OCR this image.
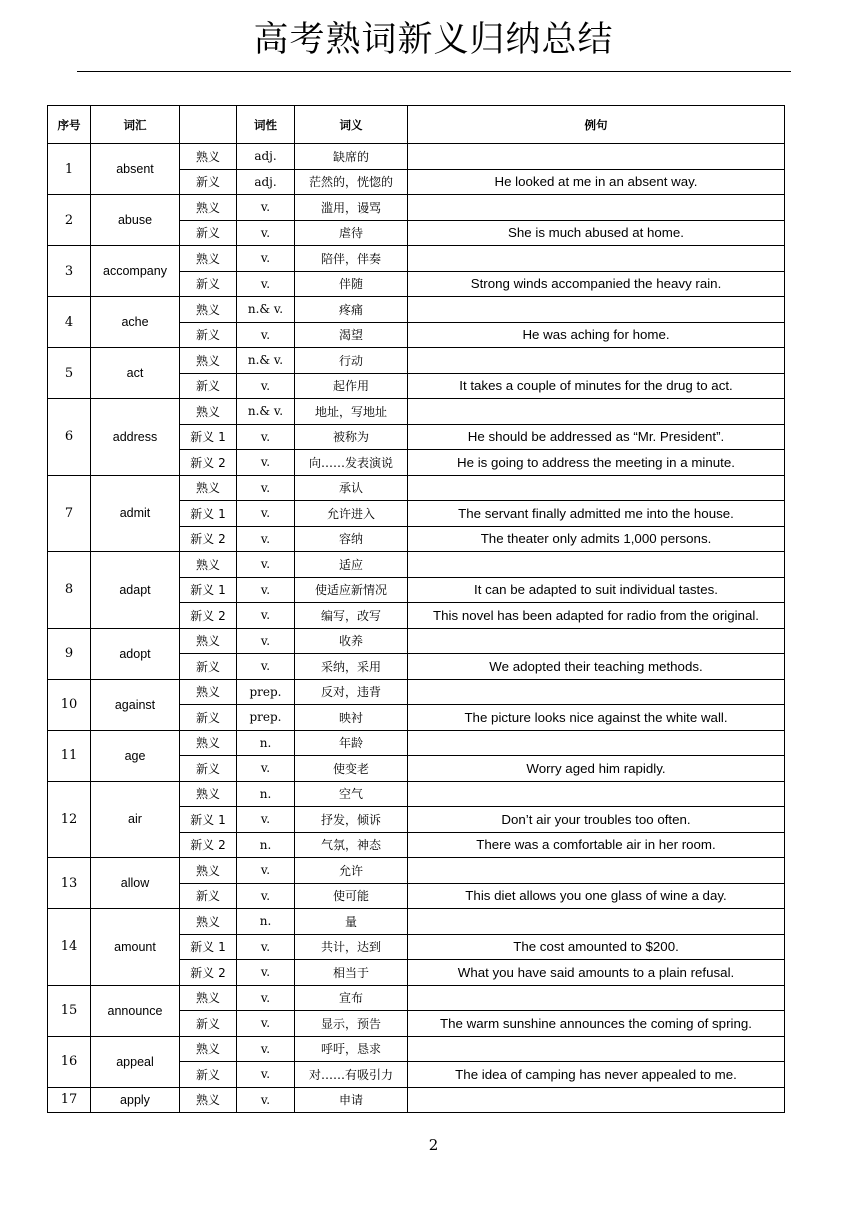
高考熟词新义归纳总结
序号	词汇		词性	词义	例句
1	absent	熟义	adj.	缺席的	
		新义	adj.	茫然的，恍惚的	He looked at me in an absent way.
2	abuse	熟义	v.	滥用，谩骂	
		新义	v.	虐待	She is much abused at home.
3	accompany	熟义	v.	陪伴，伴奏	
		新义	v.	伴随	Strong winds accompanied the heavy rain.
4	ache	熟义	n.& v.	疼痛	
		新义	v.	渴望	He was aching for home.
5	act	熟义	n.& v.	行动	
		新义	v.	起作用	It takes a couple of minutes for the drug to act.
6	address	熟义	n.& v.	地址，写地址	
		新义 1	v.	被称为	He should be addressed as “Mr. President”.
		新义 2	v.	向……发表演说	He is going to address the meeting in a minute.
7	admit	熟义	v.	承认	
		新义 1	v.	允许进入	The servant finally admitted me into the house.
		新义 2	v.	容纳	The theater only admits 1,000 persons.
8	adapt	熟义	v.	适应	
		新义 1	v.	使适应新情况	It can be adapted to suit individual tastes.
		新义 2	v.	编写，改写	This novel has been adapted for radio from the original.
9	adopt	熟义	v.	收养	
		新义	v.	采纳，采用	We adopted their teaching methods.
10	against	熟义	prep.	反对，违背	
		新义	prep.	映衬	The picture looks nice against the white wall.
11	age	熟义	n.	年龄	
		新义	v.	使变老	Worry aged him rapidly.
12	air	熟义	n.	空气	
		新义 1	v.	抒发，倾诉	Don’t air your troubles too often.
		新义 2	n.	气氛，神态	There was a comfortable air in her room.
13	allow	熟义	v.	允许	
		新义	v.	使可能	This diet allows you one glass of wine a day.
14	amount	熟义	n.	量	
		新义 1	v.	共计，达到	The cost amounted to $200.
		新义 2	v.	相当于	What you have said amounts to a plain refusal.
15	announce	熟义	v.	宣布	
		新义	v.	显示，预告	The warm sunshine announces the coming of spring.
16	appeal	熟义	v.	呼吁，恳求	
		新义	v.	对……有吸引力	The idea of camping has never appealed to me.
17	apply	熟义	v.	申请	
2
